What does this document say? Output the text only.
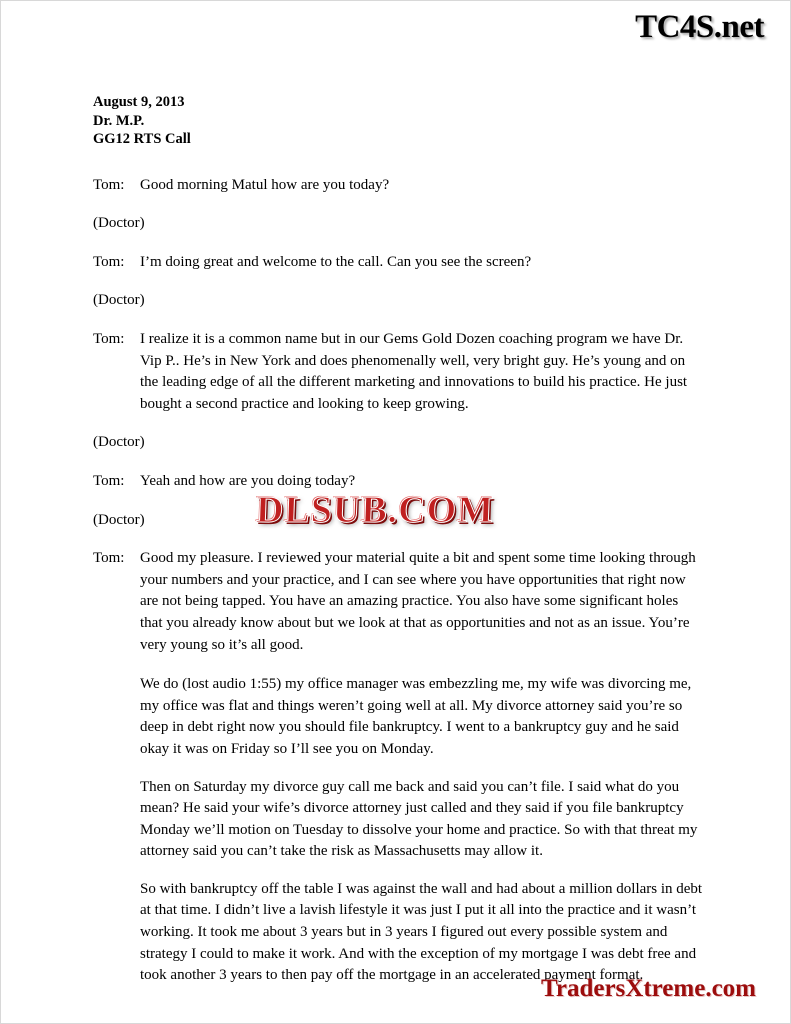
TC4S.net
August 9, 2013
Dr. M.P.
GG12 RTS Call
Tom:	Good morning Matul how are you today?
(Doctor)
Tom:	I’m doing great and welcome to the call. Can you see the screen?
(Doctor)
Tom:	I realize it is a common name but in our Gems Gold Dozen coaching program we have Dr. Vip P.. He’s in New York and does phenomenally well, very bright guy. He’s young and on the leading edge of all the different marketing and innovations to build his practice. He just bought a second practice and looking to keep growing.
(Doctor)
Tom:	Yeah and how are you doing today?
(Doctor)
Tom:	Good my pleasure. I reviewed your material quite a bit and spent some time looking through your numbers and your practice, and I can see where you have opportunities that right now are not being tapped. You have an amazing practice. You also have some significant holes that you already know about but we look at that as opportunities and not as an issue. You’re very young so it’s all good.

We do (lost audio 1:55) my office manager was embezzling me, my wife was divorcing me, my office was flat and things weren’t going well at all. My divorce attorney said you’re so deep in debt right now you should file bankruptcy. I went to a bankruptcy guy and he said okay it was on Friday so I’ll see you on Monday.

Then on Saturday my divorce guy call me back and said you can’t file. I said what do you mean? He said your wife’s divorce attorney just called and they said if you file bankruptcy Monday we’ll motion on Tuesday to dissolve your home and practice. So with that threat my attorney said you can’t take the risk as Massachusetts may allow it.

So with bankruptcy off the table I was against the wall and had about a million dollars in debt at that time. I didn’t live a lavish lifestyle it was just I put it all into the practice and it wasn’t working. It took me about 3 years but in 3 years I figured out every possible system and strategy I could to make it work. And with the exception of my mortgage I was debt free and took another 3 years to then pay off the mortgage in an accelerated payment format.

DLSUB.COM
TradersXtreme.com
